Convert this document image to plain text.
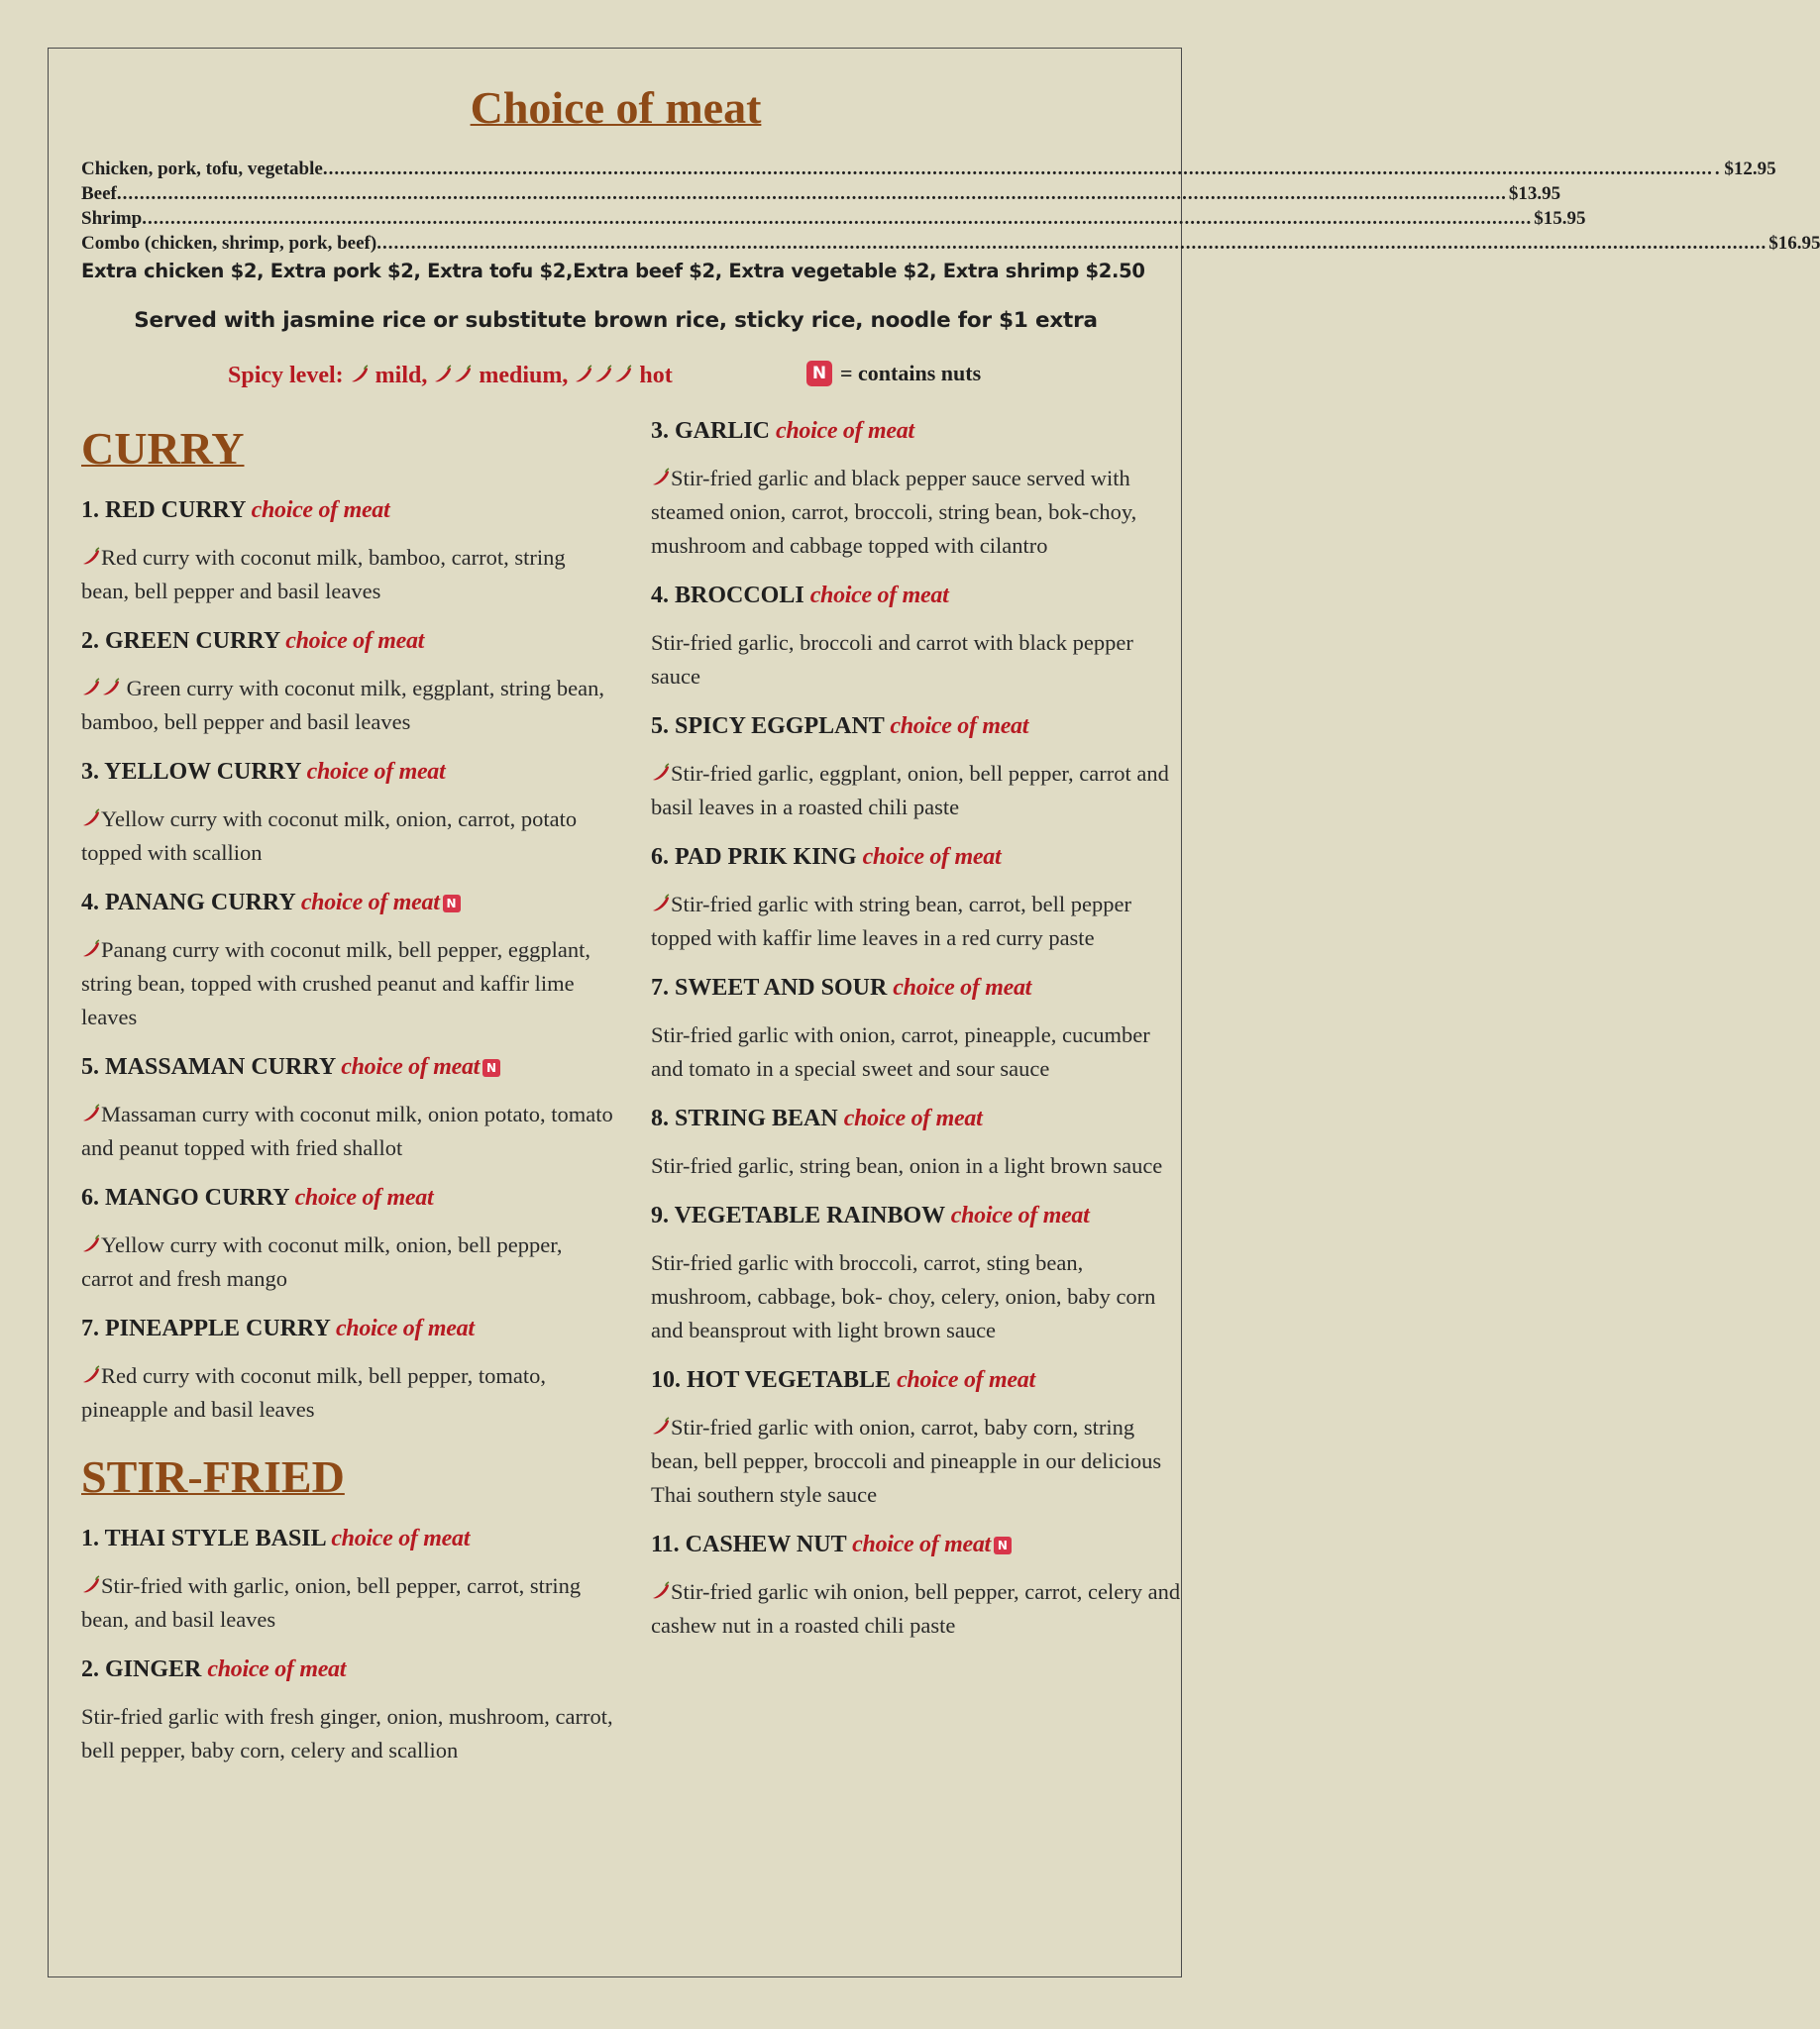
Choice of meat
Chicken, pork, tofu, vegetable .................................................................................................................................................................................................................................................... . $12.95
Beef .................................................................................................................................................................................................................................................... $13.95
Shrimp .................................................................................................................................................................................................................................................... $15.95
Combo (chicken, shrimp, pork, beef) .................................................................................................................................................................................................................................................... $16.95
Extra chicken $2, Extra pork $2, Extra tofu $2,Extra beef $2, Extra vegetable $2, Extra shrimp $2.50
Served with jasmine rice or substitute brown rice, sticky rice, noodle for $1 extra
Spicy level: mild, medium,	hot	N = contains nuts
CURRY
1. RED CURRY choice of meat
Red curry with coconut milk, bamboo, carrot, string bean, bell pepper and basil leaves
2. GREEN CURRY choice of meat
Green curry with coconut milk, eggplant, string bean, bamboo, bell pepper and basil leaves
3. YELLOW CURRY choice of meat
Yellow curry with coconut milk, onion, carrot, potato topped with scallion
4. PANANG CURRY choice of meat N
Panang curry with coconut milk, bell pepper, eggplant, string bean, topped with crushed peanut and kaffir lime leaves
5. MASSAMAN CURRY choice of meat N
Massaman curry with coconut milk, onion potato, tomato and peanut topped with fried shallot
6. MANGO CURRY choice of meat
Yellow curry with coconut milk, onion, bell pepper, carrot and fresh mango
7. PINEAPPLE CURRY choice of meat
Red curry with coconut milk, bell pepper, tomato, pineapple and basil leaves
STIR-FRIED
1. THAI STYLE BASIL choice of meat
Stir-fried with garlic, onion, bell pepper, carrot, string bean, and basil leaves
2. GINGER choice of meat
Stir-fried garlic with fresh ginger, onion, mushroom, carrot, bell pepper, baby corn, celery and scallion
3. GARLIC choice of meat
Stir-fried garlic and black pepper sauce served with steamed onion, carrot, broccoli, string bean, bok-choy, mushroom and cabbage topped with cilantro
4. BROCCOLI choice of meat
Stir-fried garlic, broccoli and carrot with black pepper sauce
5. SPICY EGGPLANT choice of meat
Stir-fried garlic, eggplant, onion, bell pepper, carrot and basil leaves in a roasted chili paste
6. PAD PRIK KING choice of meat
Stir-fried garlic with string bean, carrot, bell pepper topped with kaffir lime leaves in a red curry paste
7. SWEET AND SOUR choice of meat
Stir-fried garlic with onion, carrot, pineapple, cucumber and tomato in a special sweet and sour sauce
8. STRING BEAN choice of meat
Stir-fried garlic, string bean, onion in a light brown sauce
9. VEGETABLE RAINBOW choice of meat
Stir-fried garlic with broccoli, carrot, sting bean, mushroom, cabbage, bok- choy, celery, onion, baby corn and beansprout with light brown sauce
10. HOT VEGETABLE choice of meat
Stir-fried garlic with onion, carrot, baby corn, string bean, bell pepper, broccoli and pineapple in our delicious Thai southern style sauce
11. CASHEW NUT choice of meat N
Stir-fried garlic wih onion, bell pepper, carrot, celery and cashew nut in a roasted chili paste
